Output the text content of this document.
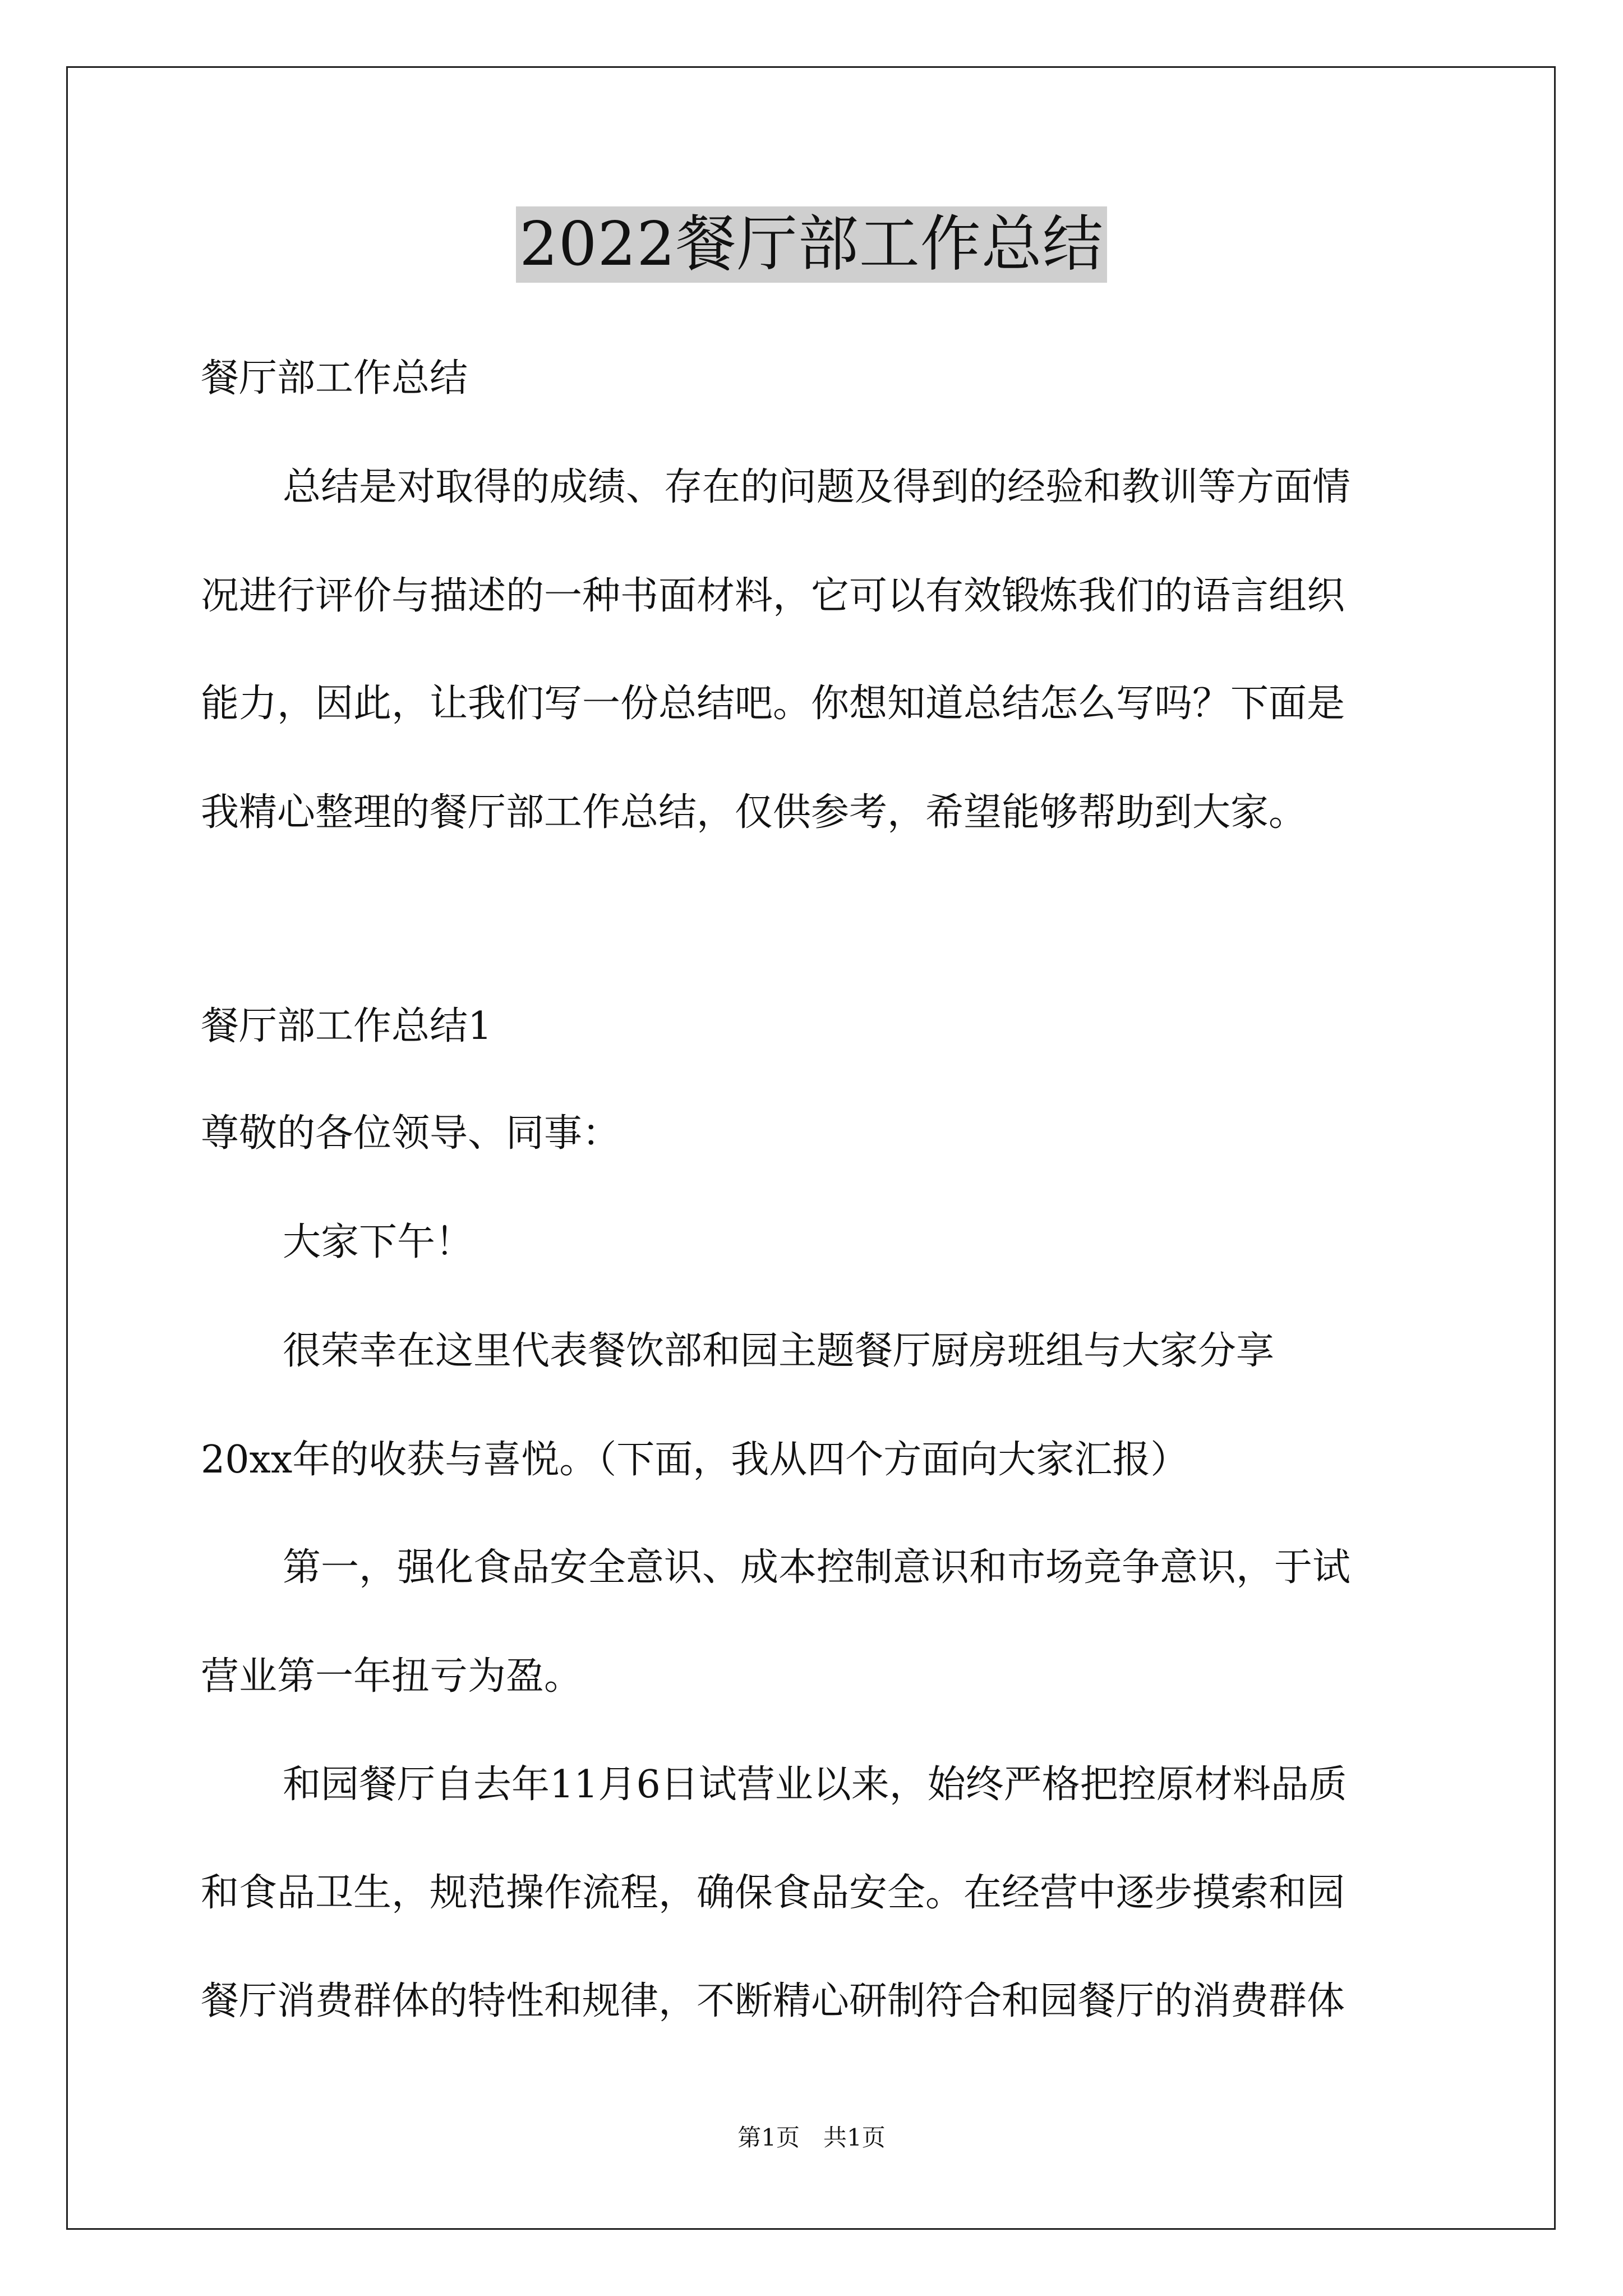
2022餐厅部工作总结
餐厅部工作总结
总结是对取得的成绩、存在的问题及得到的经验和教训等方面情
况进行评价与描述的一种书面材料，它可以有效锻炼我们的语言组织
能力，因此，让我们写一份总结吧。你想知道总结怎么写吗？下面是
我精心整理的餐厅部工作总结，仅供参考，希望能够帮助到大家。
餐厅部工作总结1
尊敬的各位领导、同事：
大家下午！
很荣幸在这里代表餐饮部和园主题餐厅厨房班组与大家分享
20xx年的收获与喜悦。（下面，我从四个方面向大家汇报）
第一，强化食品安全意识、成本控制意识和市场竞争意识，于试
营业第一年扭亏为盈。
和园餐厅自去年11月6日试营业以来，始终严格把控原材料品质
和食品卫生，规范操作流程，确保食品安全。在经营中逐步摸索和园
餐厅消费群体的特性和规律，不断精心研制符合和园餐厅的消费群体
第1页　共1页
